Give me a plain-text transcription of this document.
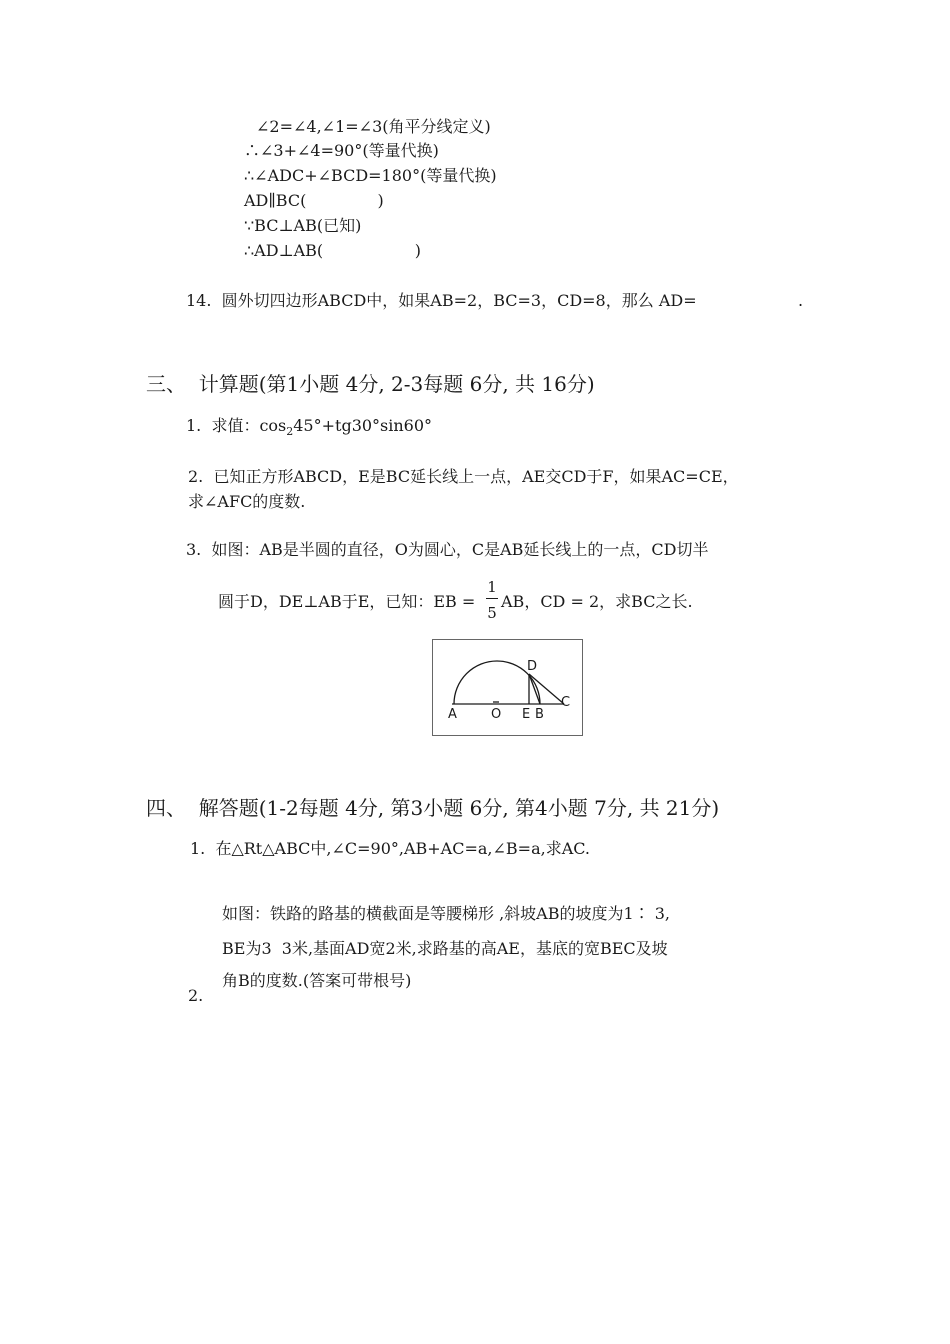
∠2=∠4,∠1=∠3(角平分线定义)
∴∠3+∠4=90°(等量代换)
∴∠ADC+∠BCD=180°(等量代换)
AD∥BC(              )
∵BC⊥AB(已知)
∴AD⊥AB(                  )
14.  圆外切四边形ABCD中，如果AB=2，BC=3，CD=8，那么 AD=	.
三、  计算题(第1小题 4分, 2-3每题 6分, 共 16分)
1.  求值：$\cos_245^\circ+tg30^\circ\sin 60^\circ$
2.  已知正方形ABCD，E是BC延长线上一点，AE交CD于F，如果AC=CE，
求∠AFC的度数.
3.  如图：AB是半圆的直径，O为圆心，C是AB延长线上的一点，CD切半
圆于D，DE⊥AB于E，已知：EB =
1
5
AB，CD = 2，求BC之长.
A	O E B
C
D
四、  解答题(1-2每题 4分, 第3小题 6分, 第4小题 7分, 共 21分)
1.  在△Rt△ABC中,∠C=90°,AB+AC=a,∠B=a,求AC.
如图：铁路的路基的横截面是等腰梯形 ,斜坡AB的坡度为1∶ 3,
BE为3  3米,基面AD宽2米,求路基的高AE，基底的宽BEC及坡
角B的度数.(答案可带根号)
2.
